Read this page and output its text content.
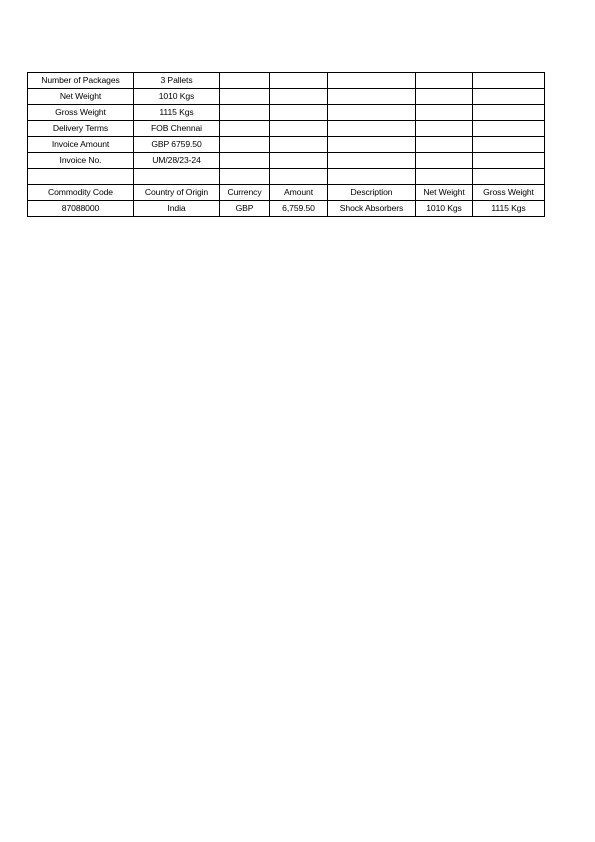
Number of Packages	3 Pallets					
Net Weight	1010 Kgs					
Gross Weight	1115 Kgs					
Delivery Terms	FOB Chennai					
Invoice Amount	GBP 6759.50					
Invoice No.	UM/28/23-24					

Commodity Code	Country of Origin	Currency	Amount	Description	Net Weight	Gross Weight
87088000	India	GBP	6,759.50	Shock Absorbers	1010 Kgs	1115 Kgs
